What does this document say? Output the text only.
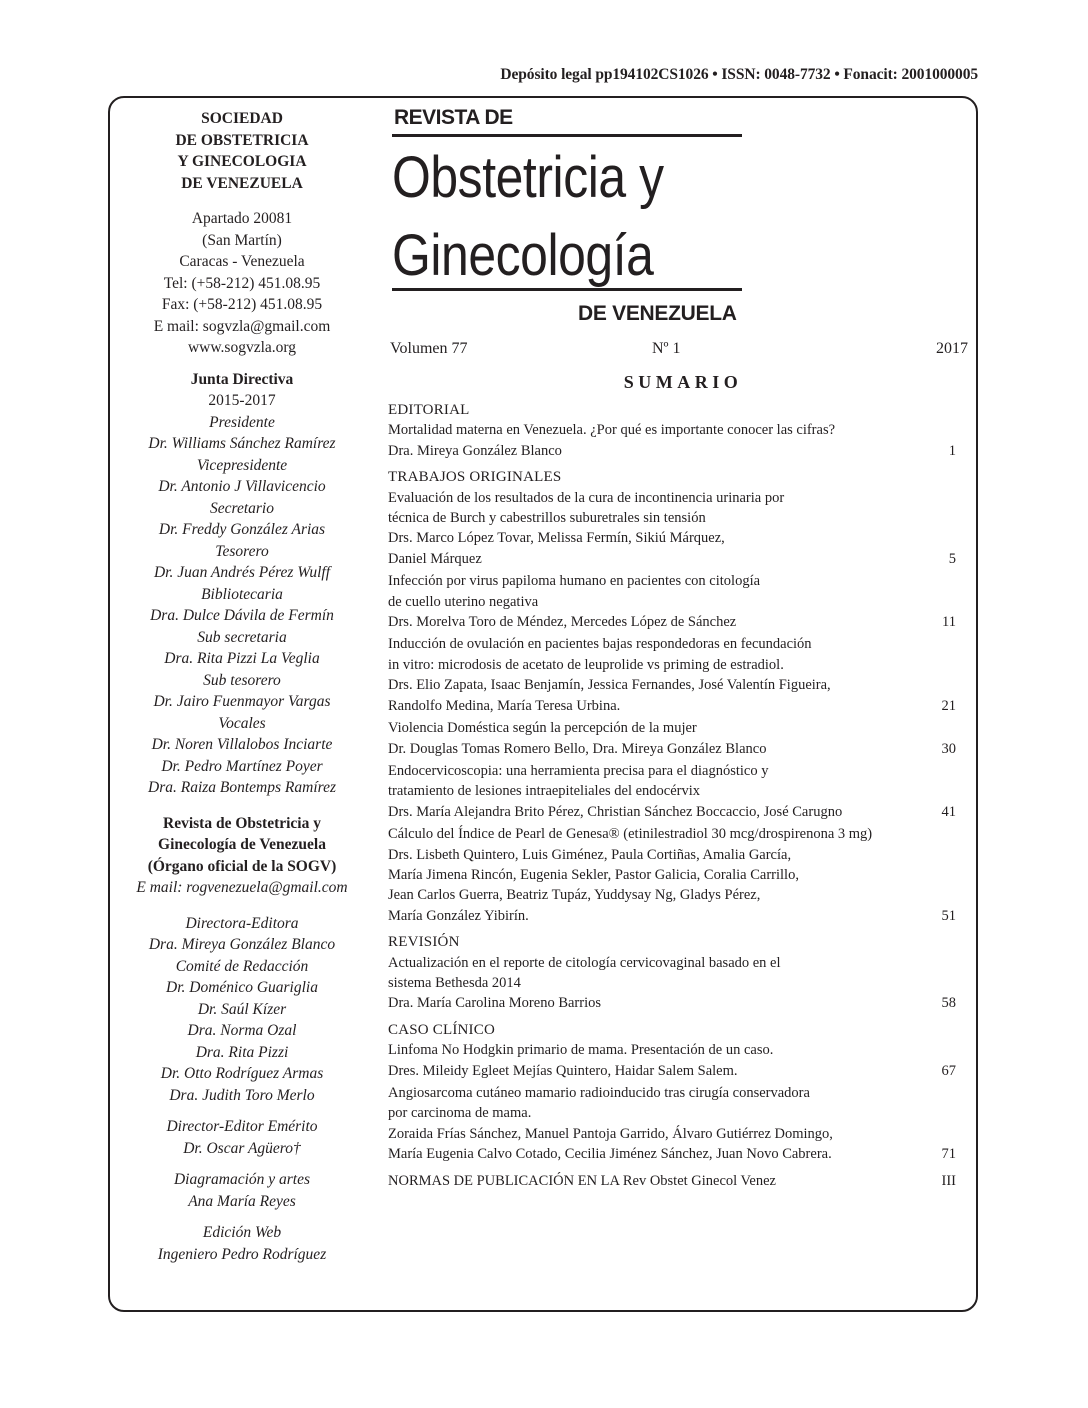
Depósito legal pp194102CS1026 • ISSN: 0048-7732 • Fonacit: 2001000005
SOCIEDAD
DE OBSTETRICIA
Y GINECOLOGIA
DE VENEZUELA
Apartado 20081
(San Martín)
Caracas - Venezuela
Tel: (+58-212) 451.08.95
Fax: (+58-212) 451.08.95
E mail: sogvzla@gmail.com
www.sogvzla.org
Junta Directiva
2015-2017
Presidente
Dr. Williams Sánchez Ramírez
Vicepresidente
Dr. Antonio J Villavicencio
Secretario
Dr. Freddy González Arias
Tesorero
Dr. Juan Andrés Pérez Wulff
Bibliotecaria
Dra. Dulce Dávila de Fermín
Sub secretaria
Dra. Rita Pizzi La Veglia
Sub tesorero
Dr. Jairo Fuenmayor Vargas
Vocales
Dr. Noren Villalobos Inciarte
Dr. Pedro Martínez Poyer
Dra. Raiza Bontemps Ramírez
Revista de Obstetricia y
Ginecología de Venezuela
(Órgano oficial de la SOGV)
E mail: rogvenezuela@gmail.com
Directora-Editora
Dra. Mireya González Blanco
Comité de Redacción
Dr. Doménico Guariglia
Dr. Saúl Kízer
Dra. Norma Ozal
Dra. Rita Pizzi
Dr. Otto Rodríguez Armas
Dra. Judith Toro Merlo
Director-Editor Emérito
Dr. Oscar Agüero†
Diagramación y artes
Ana María Reyes
Edición Web
Ingeniero Pedro Rodríguez
REVISTA DE
Obstetricia y
Ginecología
DE VENEZUELA
Volumen 77	Nº 1	2017
SUMARIO
EDITORIAL
Mortalidad materna en Venezuela. ¿Por qué es importante conocer las cifras?
Dra. Mireya González Blanco	1
TRABAJOS ORIGINALES
Evaluación de los resultados de la cura de incontinencia urinaria por
técnica de Burch y cabestrillos suburetrales sin tensión
Drs. Marco López Tovar, Melissa Fermín, Sikiú Márquez,
Daniel Márquez	5
Infección por virus papiloma humano en pacientes con citología
de cuello uterino negativa
Drs. Morelva Toro de Méndez, Mercedes López de Sánchez	11
Inducción de ovulación en pacientes bajas respondedoras en fecundación
in vitro: microdosis de acetato de leuprolide vs priming de estradiol.
Drs. Elio Zapata, Isaac Benjamín, Jessica Fernandes, José Valentín Figueira,
Randolfo Medina, María Teresa Urbina.	21
Violencia Doméstica según la percepción de la mujer
Dr. Douglas Tomas Romero Bello, Dra. Mireya González Blanco	30
Endocervicoscopia: una herramienta precisa para el diagnóstico y
tratamiento de lesiones intraepiteliales del endocérvix
Drs. María Alejandra Brito Pérez, Christian Sánchez Boccaccio, José Carugno	41
Cálculo del Índice de Pearl de Genesa® (etinilestradiol 30 mcg/drospirenona 3 mg)
Drs. Lisbeth Quintero, Luis Giménez, Paula Cortiñas, Amalia García,
María Jimena Rincón, Eugenia Sekler, Pastor Galicia, Coralia Carrillo,
Jean Carlos Guerra, Beatriz Tupáz, Yuddysay Ng, Gladys Pérez,
María González Yibirín.	51
REVISIÓN
Actualización en el reporte de citología cervicovaginal basado en el
sistema Bethesda 2014
Dra. María Carolina Moreno Barrios	58
CASO CLÍNICO
Linfoma No Hodgkin primario de mama. Presentación de un caso.
Dres. Mileidy Egleet Mejías Quintero, Haidar Salem Salem.	67
Angiosarcoma cutáneo mamario radioinducido tras cirugía conservadora
por carcinoma de mama.
Zoraida Frías Sánchez, Manuel Pantoja Garrido, Álvaro Gutiérrez Domingo,
María Eugenia Calvo Cotado, Cecilia Jiménez Sánchez, Juan Novo Cabrera.	71
NORMAS DE PUBLICACIÓN EN LA Rev Obstet Ginecol Venez	III
